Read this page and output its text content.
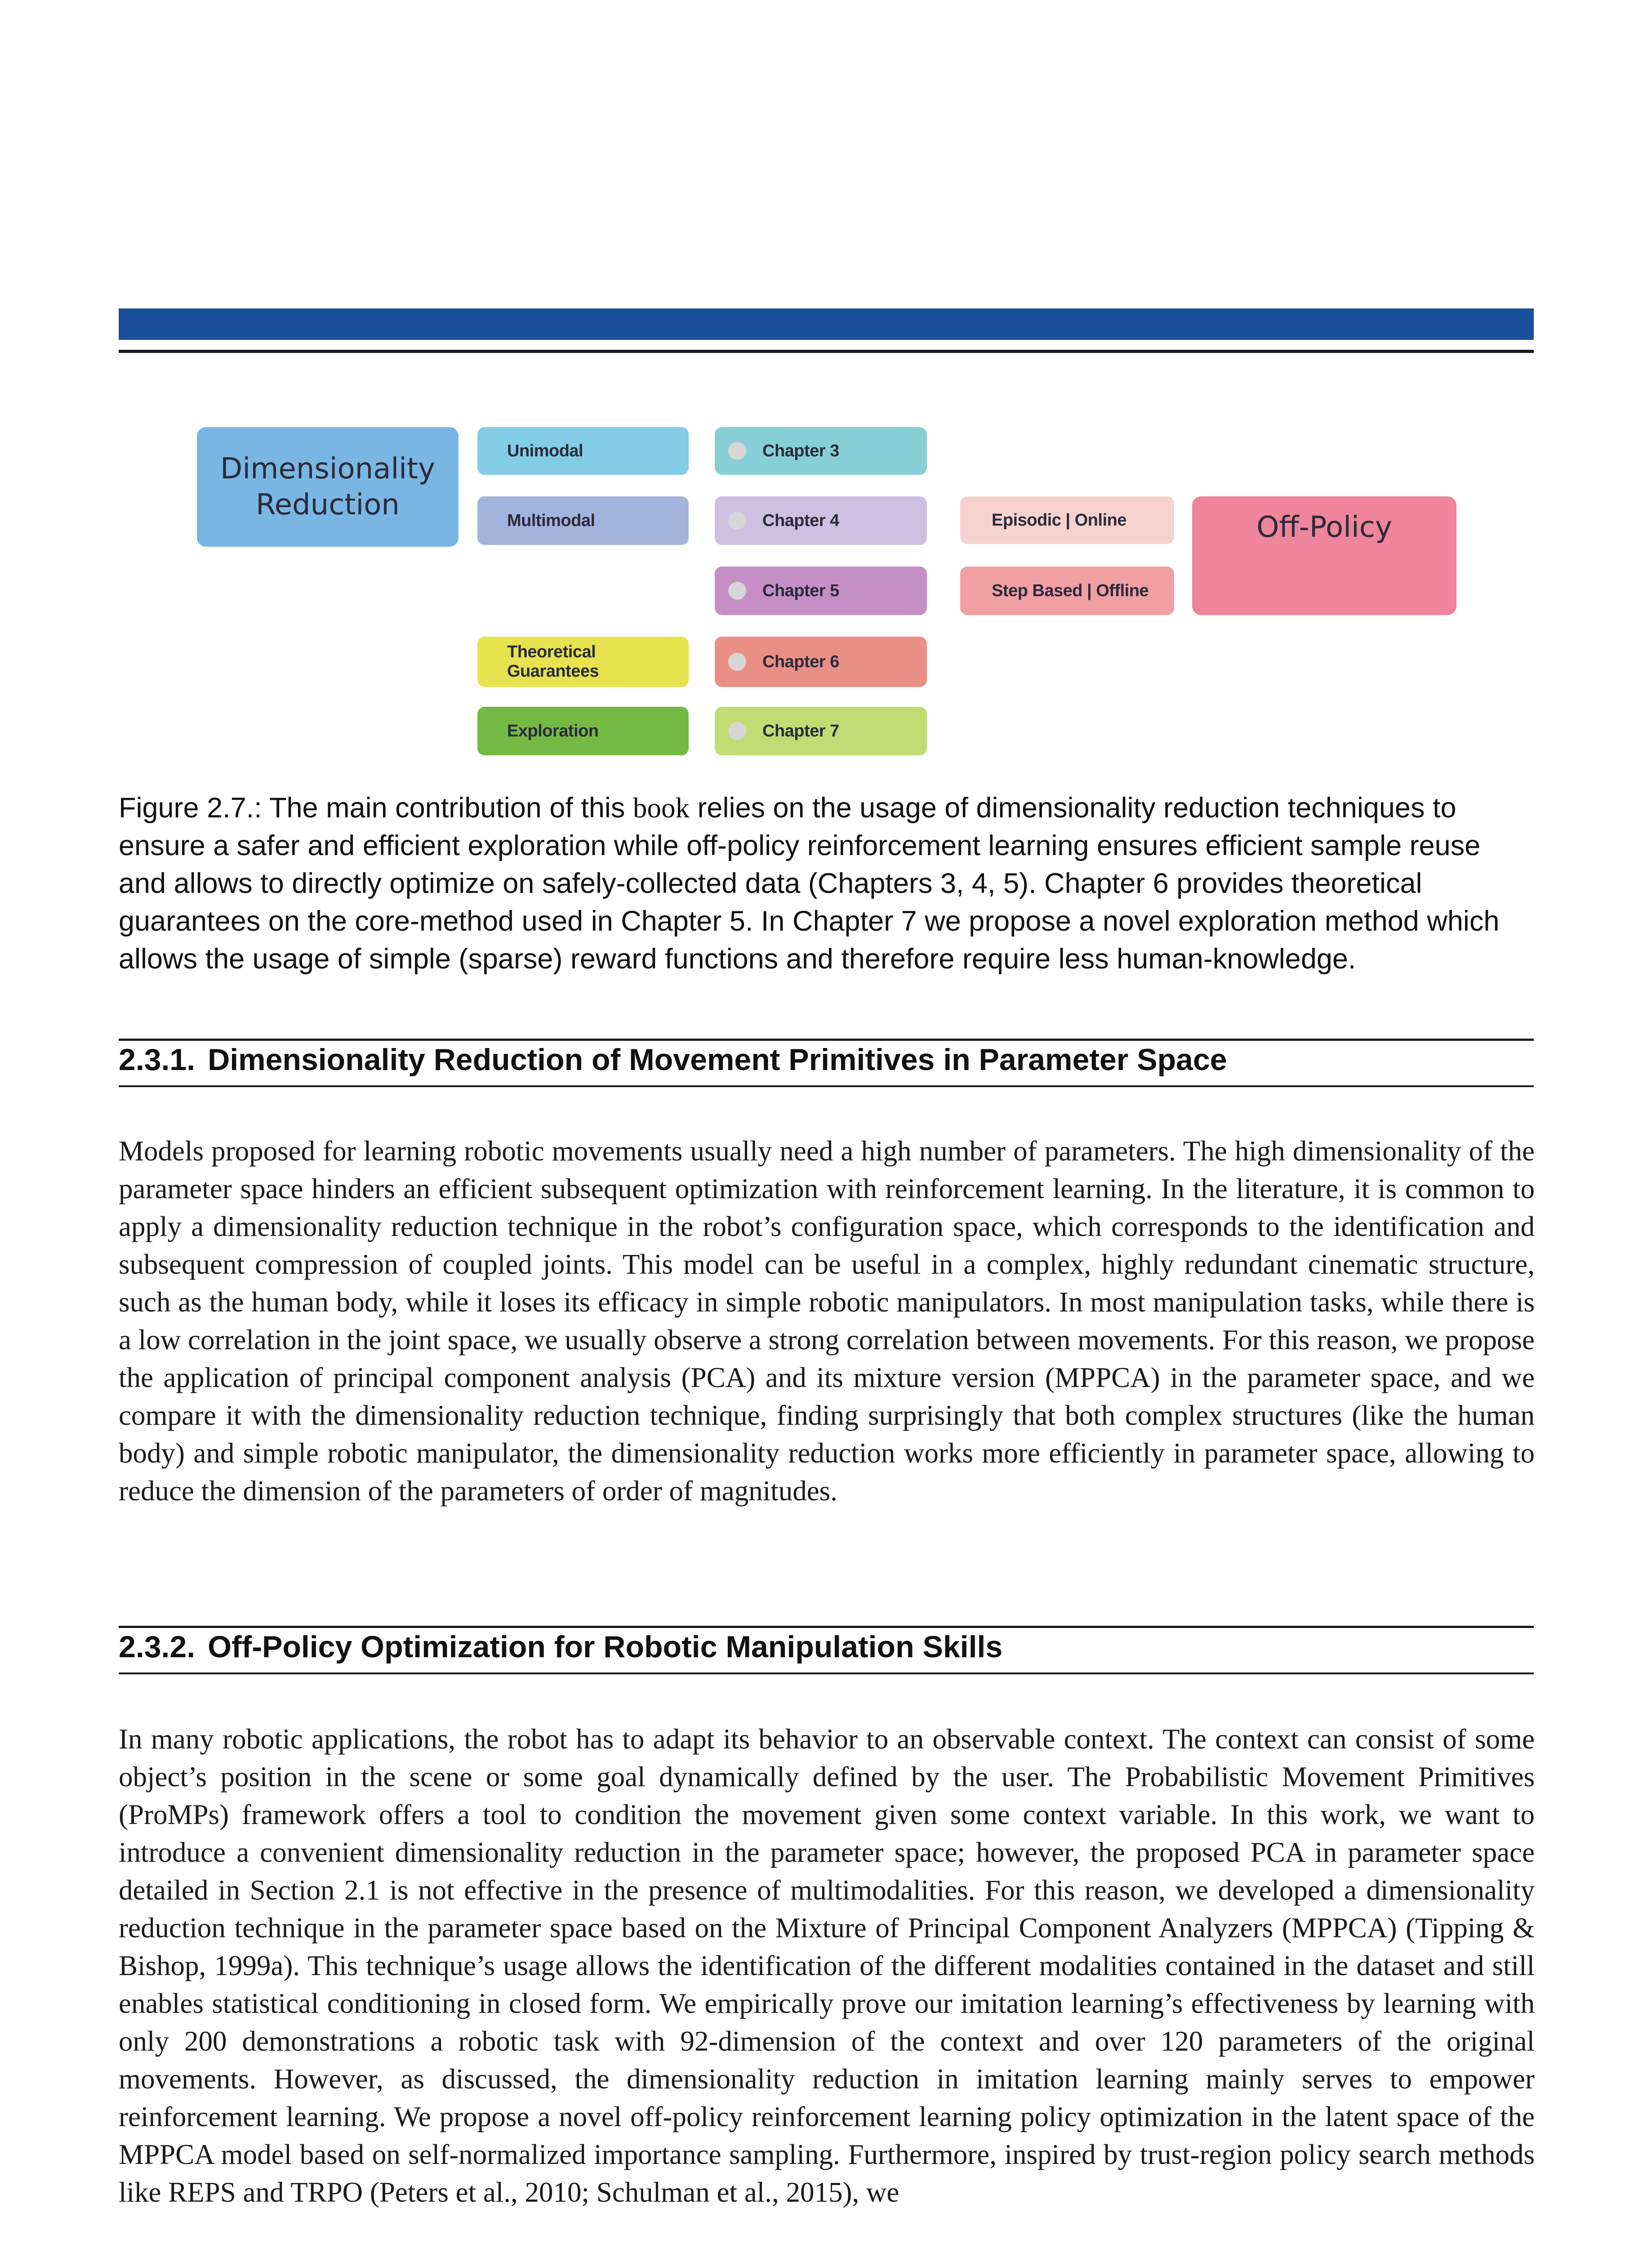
Dimensionality
Reduction
Unimodal
Multimodal
Theoretical Guarantees
Exploration
Chapter 3
Chapter 4
Chapter 5
Chapter 6
Chapter 7
Episodic | Online
Step Based | Offline
Off-Policy
Figure 2.7.: The main contribution of this book relies on the usage of dimensionality reduction techniques to ensure a safer and efficient exploration while off-policy reinforcement learning ensures efficient sample reuse and allows to directly optimize on safely-collected data (Chapters 3, 4, 5). Chapter 6 provides theoretical guarantees on the core-method used in Chapter 5. In Chapter 7 we propose a novel exploration method which allows the usage of simple (sparse) reward functions and therefore require less human-knowledge.
2.3.1. Dimensionality Reduction of Movement Primitives in Parameter Space
Models proposed for learning robotic movements usually need a high number of parameters. The high dimensionality of the parameter space hinders an efficient subsequent optimization with reinforcement learning. In the literature, it is common to apply a dimensionality reduction technique in the robot’s configuration space, which corresponds to the identification and subsequent compression of coupled joints. This model can be useful in a complex, highly redundant cinematic structure, such as the human body, while it loses its efficacy in simple robotic manipulators. In most manipulation tasks, while there is a low correlation in the joint space, we usually observe a strong correlation between movements. For this reason, we propose the application of principal component analysis (PCA) and its mixture version (MPPCA) in the parameter space, and we compare it with the dimensionality reduction technique, finding surprisingly that both complex structures (like the human body) and simple robotic manipulator, the dimensionality reduction works more efficiently in parameter space, allowing to reduce the dimension of the parameters of order of magnitudes.
2.3.2. Off-Policy Optimization for Robotic Manipulation Skills
In many robotic applications, the robot has to adapt its behavior to an observable context. The context can consist of some object’s position in the scene or some goal dynamically defined by the user. The Probabilistic Movement Primitives (ProMPs) framework offers a tool to condition the movement given some context variable. In this work, we want to introduce a convenient dimensionality reduction in the parameter space; however, the proposed PCA in parameter space detailed in Section 2.1 is not effective in the presence of multimodalities. For this reason, we developed a dimensionality reduction technique in the parameter space based on the Mixture of Principal Component Analyzers (MPPCA) (Tipping & Bishop, 1999a). This technique’s usage allows the identification of the different modalities contained in the dataset and still enables statistical conditioning in closed form. We empirically prove our imitation learning’s effectiveness by learning with only 200 demonstrations a robotic task with 92-dimension of the context and over 120 parameters of the original movements. However, as discussed, the dimensionality reduction in imitation learning mainly serves to empower reinforcement learning. We propose a novel off-policy reinforcement learning policy optimization in the latent space of the MPPCA model based on self-normalized importance sampling. Furthermore, inspired by trust-region policy search methods like REPS and TRPO (Peters et al., 2010; Schulman et al., 2015), we
